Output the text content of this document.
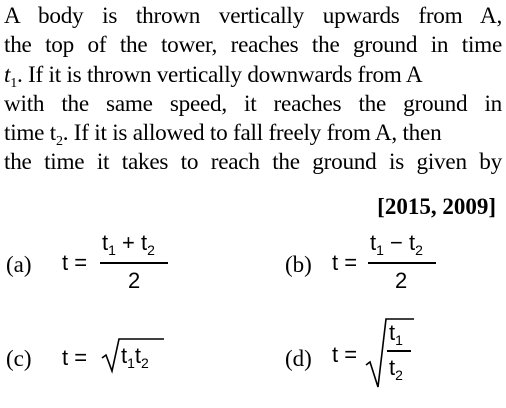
A body is thrown vertically upwards from A,
the top of the tower, reaches the ground in time
$t_1$. If it is thrown vertically downwards from A
with the same speed, it reaches the ground in
time $t_2$. If it is allowed to fall freely from A, then
the time it takes to reach the ground is given by
[2015, 2009]
(a) t =
$t_1 + t_2$
2
(b) t =
$t_1 - t_2$
2
(c) $t = t_1t_2$	(d) t =
$t_1$
$t_2$
